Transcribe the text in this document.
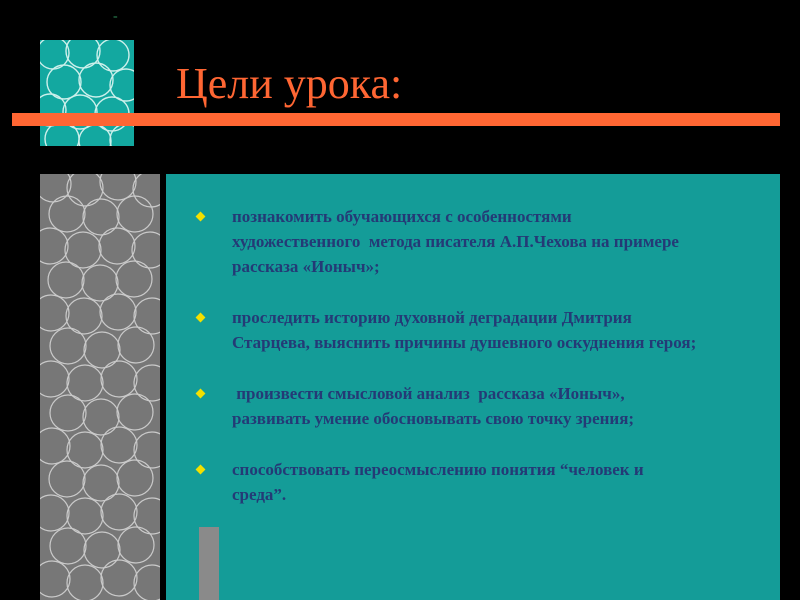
-
Цели урока:
познакомить обучающихся с особенностями художественного  метода писателя А.П.Чехова на примере рассказа «Ионыч»;
проследить историю духовной деградации Дмитрия Старцева, выяснить причины душевного оскуднения героя;
произвести смысловой анализ  рассказа «Ионыч», развивать умение обосновывать свою точку зрения;
способствовать переосмыслению понятия “человек и среда”.
